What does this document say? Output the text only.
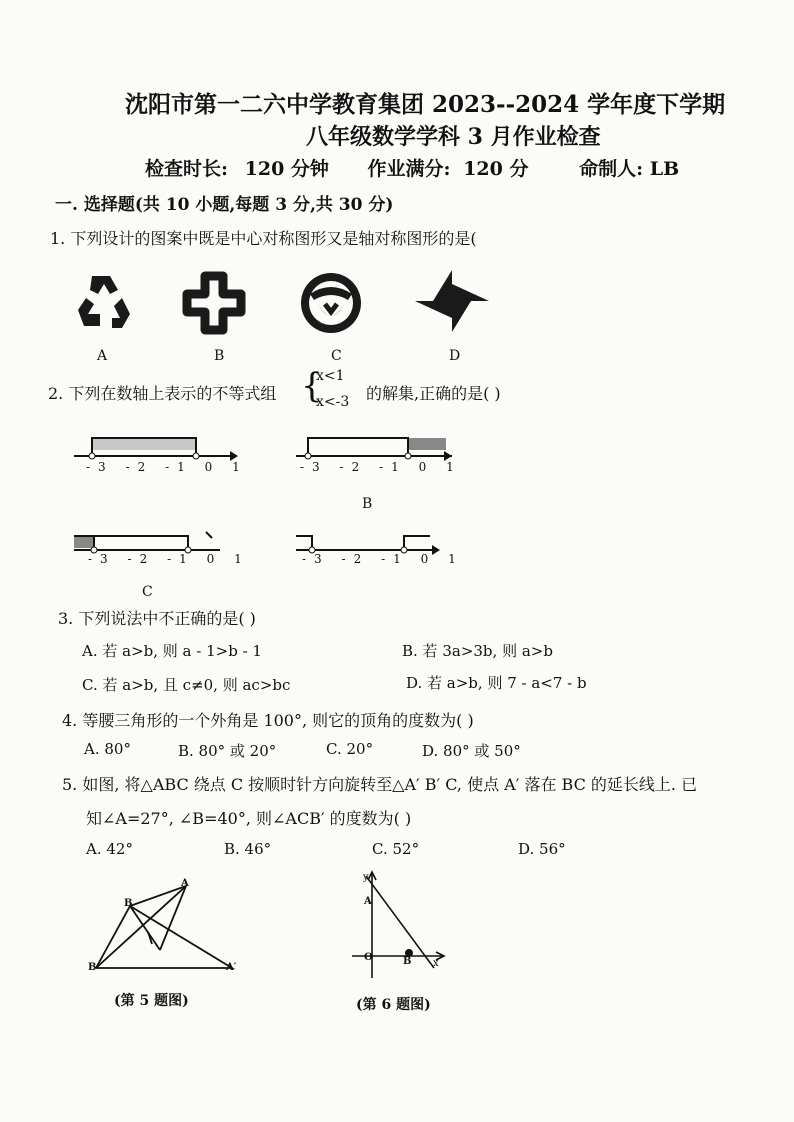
沈阳市第一二六中学教育集团 2023--2024 学年度下学期
八年级数学学科 3 月作业检查
检查时长: 120 分钟 作业满分: 120 分	命制人: LB
一. 选择题(共 10 小题,每题 3 分,共 30 分)
1. 下列设计的图案中既是中心对称图形又是轴对称图形的是(
A	B	C	D
2. 下列在数轴上表示的不等式组 {
x<1
x<-3 的解集,正确的是( )
-3 -2 -1 0 1	-3 -2 -1 0 1
B
-3 -2 -1 0 1
C
-3 -2 -1 0 1
3. 下列说法中不正确的是( )
A. 若 a>b, 则 a - 1>b - 1	B. 若 3a>3b, 则 a>b
C. 若 a>b, 且 c≠0, 则 ac>bc	D. 若 a>b, 则 7 - a<7 - b
4. 等腰三角形的一个外角是 100°, 则它的顶角的度数为( )
A. 80°	B. 80° 或 20°	C. 20°	D. 80° 或 50°
5. 如图, 将△ABC 绕点 C 按顺时针方向旋转至△A′ B′ C, 使点 A′ 落在 BC 的延长线上. 已
知∠A=27°, ∠B=40°, 则∠ACB′ 的度数为( )
A. 42°	B. 46°	C. 52°	D. 56°
B
A
B	A′
(第 5 题图)
y
A
O	B x
(第 6 题图)
